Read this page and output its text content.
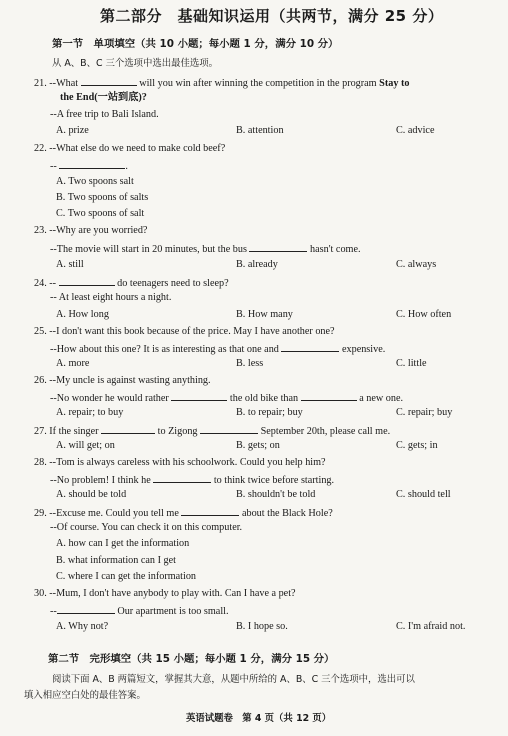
第二部分　基础知识运用（共两节，满分 25 分）
第一节　单项填空（共 10 小题；每小题 1 分，满分 10 分）
从 A、B、C 三个选项中选出最佳选项。
21. --What	will you win after winning the competition in the program Stay to
the End(一站到底)?
--A free trip to Bali Island.
A. prize	B. attention	C. advice
22. --What else do we need to make cold beef?
--	.
A. Two spoons salt
B. Two spoons of salts
C. Two spoons of salt
23. --Why are you worried?
--The movie will start in 20 minutes, but the bus	hasn't come.
A. still	B. already	C. always
24. --	do teenagers need to sleep?
-- At least eight hours a night.
A. How long	B. How many	C. How often
25. --I don't want this book because of the price. May I have another one?
--How about this one? It is as interesting as that one and	expensive.
A. more	B. less	C. little
26. --My uncle is against wasting anything.
--No wonder he would rather	the old bike than	a new one.
A. repair; to buy	B. to repair; buy	C. repair; buy
27. If the singer	to Zigong	September 20th, please call me.
A. will get; on	B. gets; on	C. gets; in
28. --Tom is always careless with his schoolwork. Could you help him?
--No problem! I think he	to think twice before starting.
A. should be told	B. shouldn't be told	C. should tell
29. --Excuse me. Could you tell me	about the Black Hole?
--Of course. You can check it on this computer.
A. how can I get the information
B. what information can I get
C. where I can get the information
30. --Mum, I don't have anybody to play with. Can I have a pet?
--	Our apartment is too small.
A. Why not?	B. I hope so.	C. I'm afraid not.
第二节　完形填空（共 15 小题；每小题 1 分，满分 15 分）
阅读下面 A、B 两篇短文，掌握其大意，从题中所给的 A、B、C 三个选项中，选出可以
填入相应空白处的最佳答案。
英语试题卷　第 4 页（共 12 页）
